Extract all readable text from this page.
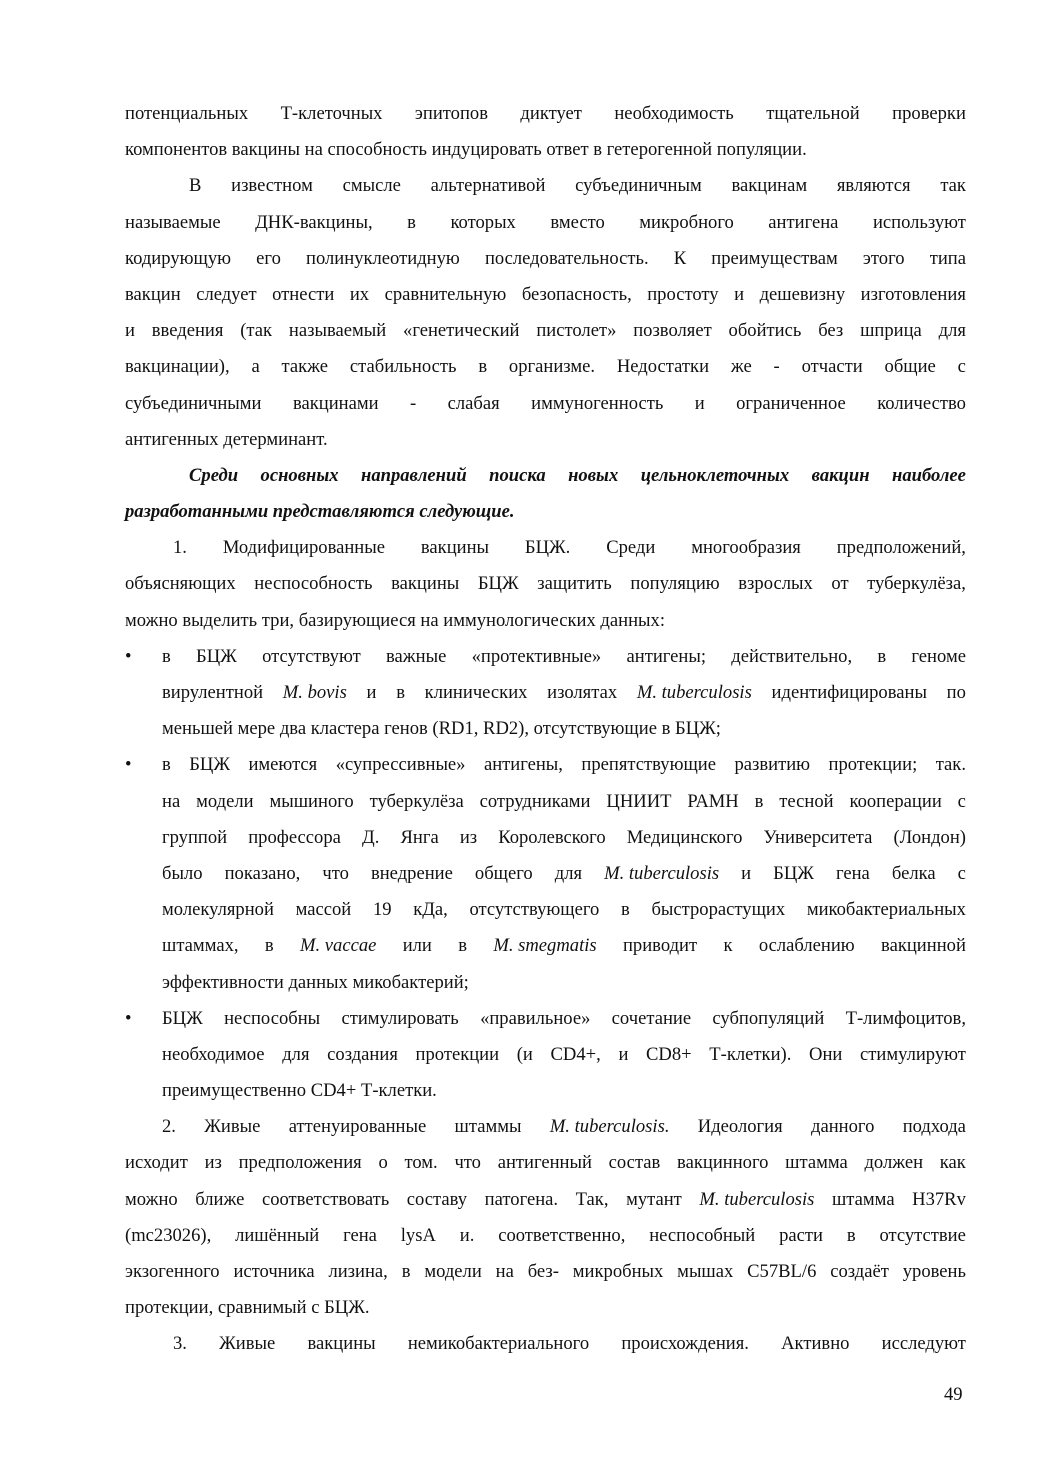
потенциальных Т-клеточных эпитопов диктует необходимость тщательной проверки
компонентов вакцины на способность индуцировать ответ в гетерогенной популяции.
В известном смысле альтернативой субъединичным вакцинам являются так
называемые ДНК-вакцины, в которых вместо микробного антигена используют
кодирующую его полинуклеотидную последовательность. К преимуществам этого типа
вакцин следует отнести их сравнительную безопасность, простоту и дешевизну изготовления
и введения (так называемый «генетический пистолет» позволяет обойтись без шприца для
вакцинации), а также стабильность в организме. Недостатки же - отчасти общие с
субъединичными вакцинами - слабая иммуногенность и ограниченное количество
антигенных детерминант.
Среди основных направлений поиска новых цельноклеточных вакцин наиболее
разработанными представляются следующие.
1. Модифицированные вакцины БЦЖ. Среди многообразия предположений,
объясняющих неспособность вакцины БЦЖ защитить популяцию взрослых от туберкулёза,
можно выделить три, базирующиеся на иммунологических данных:
• в БЦЖ отсутствуют важные «протективные» антигены; действительно, в геноме
вирулентной M. bovis и в клинических изолятах M. tuberculosis идентифицированы по
меньшей мере два кластера генов (RD1, RD2), отсутствующие в БЦЖ;
• в БЦЖ имеются «супрессивные» антигены, препятствующие развитию протекции; так.
на модели мышиного туберкулёза сотрудниками ЦНИИТ РАМН в тесной кооперации с
группой профессора Д. Янга из Королевского Медицинского Университета (Лондон)
было показано, что внедрение общего для M. tuberculosis и БЦЖ гена белка с
молекулярной массой 19 кДа, отсутствующего в быстрорастущих микобактериальных
штаммах, в M. vaccae или в M. smegmatis приводит к ослаблению вакцинной
эффективности данных микобактерий;
• БЦЖ неспособны стимулировать «правильное» сочетание субпопуляций Т-лимфоцитов,
необходимое для создания протекции (и CD4+, и CD8+ Т-клетки). Они стимулируют
преимущественно CD4+ Т-клетки.
2. Живые аттенуированные штаммы M. tuberculosis. Идеология данного подхода
исходит из предположения о том. что антигенный состав вакцинного штамма должен как
можно ближе соответствовать составу патогена. Так, мутант M. tuberculosis штамма H37Rv
(mc23026), лишённый гена lysA и. соответственно, неспособный расти в отсутствие
экзогенного источника лизина, в модели на без- микробных мышах C57BL/6 создаёт уровень
протекции, сравнимый с БЦЖ.
3. Живые вакцины немикобактериального происхождения. Активно исследуют
49
